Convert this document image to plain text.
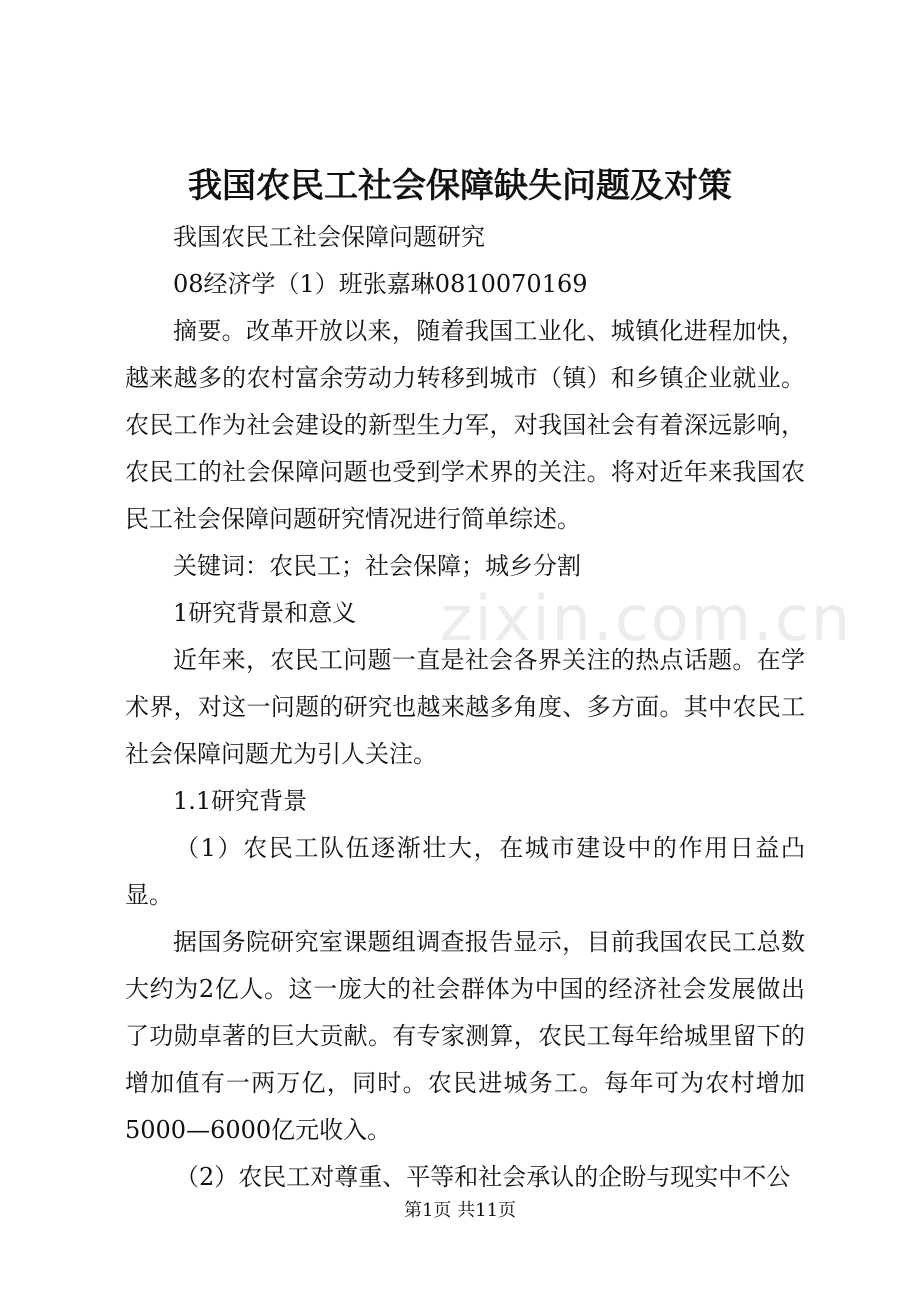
zixin.com.cn
我国农民工社会保障缺失问题及对策

我国农民工社会保障问题研究

08经济学（1）班张嘉琳0810070169

摘要。改革开放以来，随着我国工业化、城镇化进程加快，越来越多的农村富余劳动力转移到城市（镇）和乡镇企业就业。农民工作为社会建设的新型生力军，对我国社会有着深远影响，农民工的社会保障问题也受到学术界的关注。将对近年来我国农民工社会保障问题研究情况进行简单综述。

关键词：农民工；社会保障；城乡分割

1研究背景和意义

近年来，农民工问题一直是社会各界关注的热点话题。在学术界，对这一问题的研究也越来越多角度、多方面。其中农民工社会保障问题尤为引人关注。

1.1研究背景

（1）农民工队伍逐渐壮大，在城市建设中的作用日益凸显。

据国务院研究室课题组调查报告显示，目前我国农民工总数大约为2亿人。这一庞大的社会群体为中国的经济社会发展做出了功勋卓著的巨大贡献。有专家测算，农民工每年给城里留下的增加值有一两万亿，同时。农民进城务工。每年可为农村增加5000—6000亿元收入。

（2）农民工对尊重、平等和社会承认的企盼与现实中不公

第1页 共11页
